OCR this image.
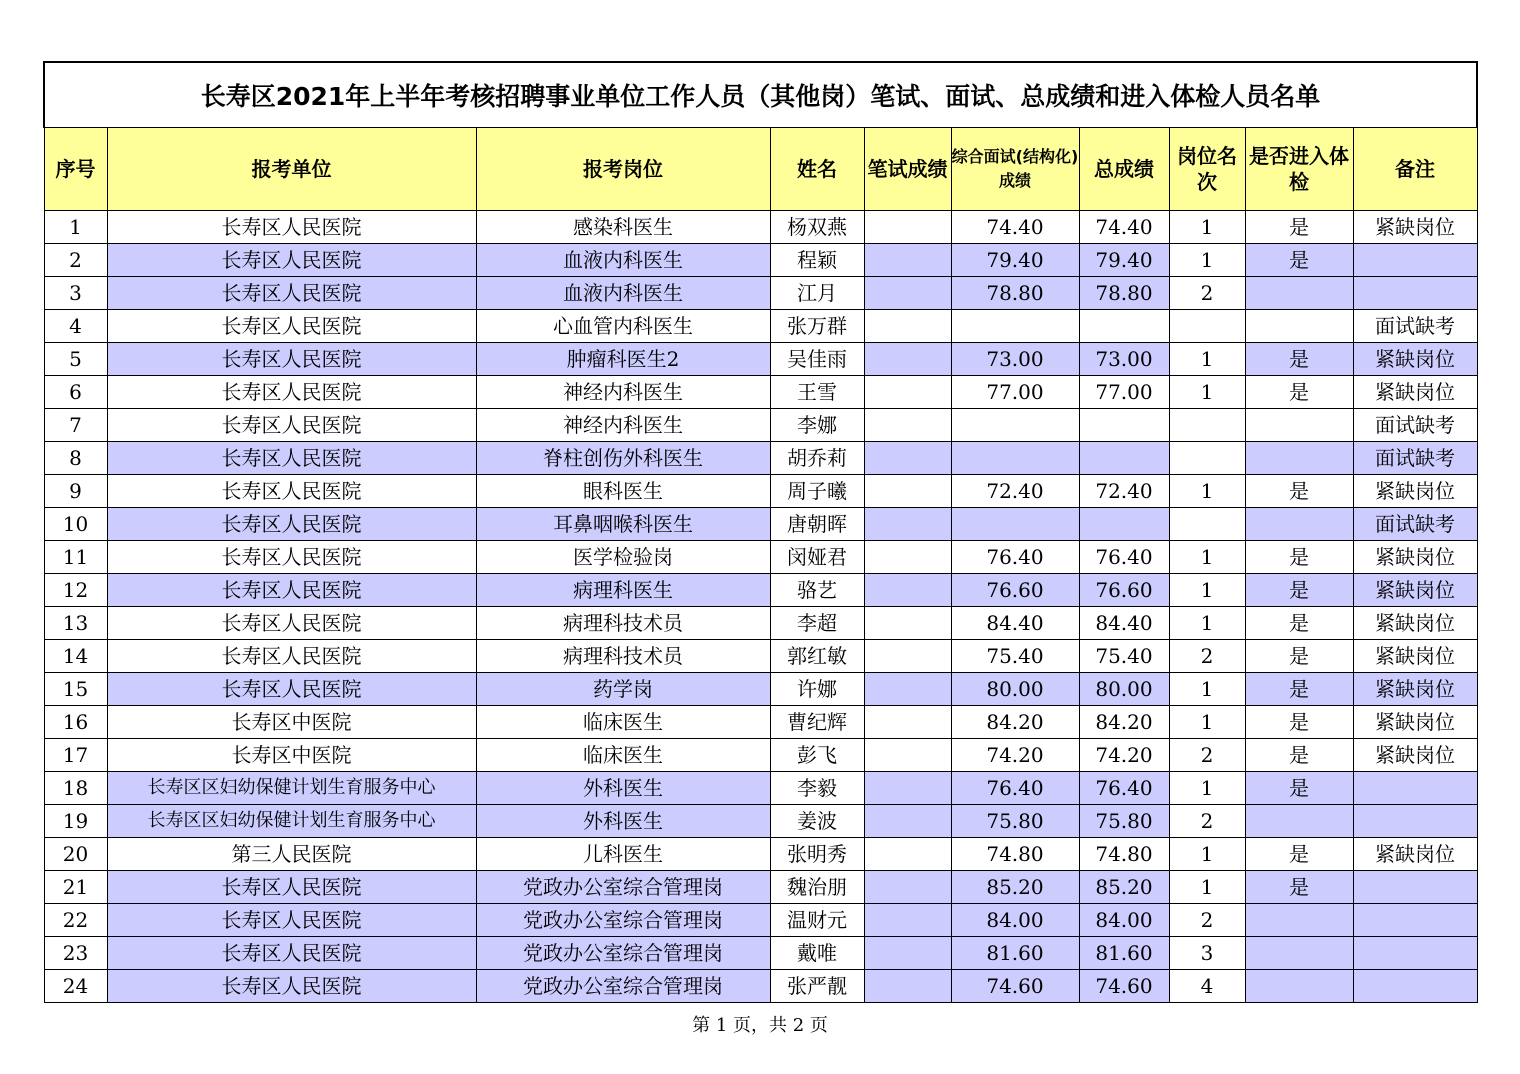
长寿区2021年上半年考核招聘事业单位工作人员（其他岗）笔试、面试、总成绩和进入体检人员名单									
序号	报考单位	报考岗位	姓名	笔试成绩	综合面试(结构化)成绩	总成绩	岗位名次	是否进入体检	备注
1	长寿区人民医院	感染科医生	杨双燕		74.40	74.40	1	是	紧缺岗位
2	长寿区人民医院	血液内科医生	程颖		79.40	79.40	1	是	
3	长寿区人民医院	血液内科医生	江月		78.80	78.80	2		
4	长寿区人民医院	心血管内科医生	张万群						面试缺考
5	长寿区人民医院	肿瘤科医生2	吴佳雨		73.00	73.00	1	是	紧缺岗位
6	长寿区人民医院	神经内科医生	王雪		77.00	77.00	1	是	紧缺岗位
7	长寿区人民医院	神经内科医生	李娜						面试缺考
8	长寿区人民医院	脊柱创伤外科医生	胡乔莉						面试缺考
9	长寿区人民医院	眼科医生	周子曦		72.40	72.40	1	是	紧缺岗位
10	长寿区人民医院	耳鼻咽喉科医生	唐朝晖						面试缺考
11	长寿区人民医院	医学检验岗	闵娅君		76.40	76.40	1	是	紧缺岗位
12	长寿区人民医院	病理科医生	骆艺		76.60	76.60	1	是	紧缺岗位
13	长寿区人民医院	病理科技术员	李超		84.40	84.40	1	是	紧缺岗位
14	长寿区人民医院	病理科技术员	郭红敏		75.40	75.40	2	是	紧缺岗位
15	长寿区人民医院	药学岗	许娜		80.00	80.00	1	是	紧缺岗位
16	长寿区中医院	临床医生	曹纪辉		84.20	84.20	1	是	紧缺岗位
17	长寿区中医院	临床医生	彭飞		74.20	74.20	2	是	紧缺岗位
18	长寿区区妇幼保健计划生育服务中心	外科医生	李毅		76.40	76.40	1	是	
19	长寿区区妇幼保健计划生育服务中心	外科医生	姜波		75.80	75.80	2		
20	第三人民医院	儿科医生	张明秀		74.80	74.80	1	是	紧缺岗位
21	长寿区人民医院	党政办公室综合管理岗	魏治朋		85.20	85.20	1	是	
22	长寿区人民医院	党政办公室综合管理岗	温财元		84.00	84.00	2		
23	长寿区人民医院	党政办公室综合管理岗	戴唯		81.60	81.60	3		
24	长寿区人民医院	党政办公室综合管理岗	张严靓		74.60	74.60	4		
第 1 页，共 2 页
